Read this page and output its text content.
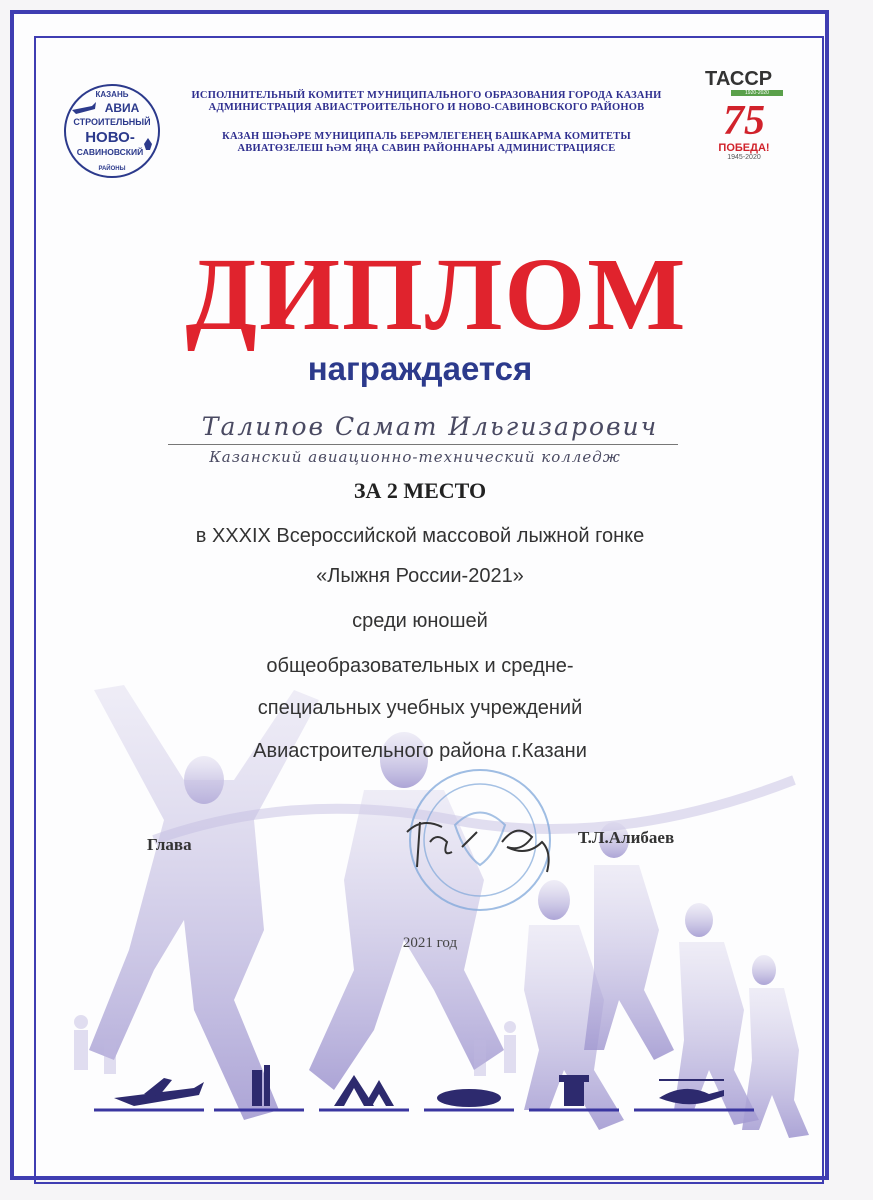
ИСПОЛНИТЕЛЬНЫЙ КОМИТЕТ МУНИЦИПАЛЬНОГО ОБРАЗОВАНИЯ ГОРОДА КАЗАНИ
АДМИНИСТРАЦИЯ АВИАСТРОИТЕЛЬНОГО И НОВО-САВИНОВСКОГО РАЙОНОВ
КАЗАН ШӘҺӘРЕ МУНИЦИПАЛЬ БЕРӘМЛЕГЕНЕҢ БАШКАРМА КОМИТЕТЫ
АВИАТӨЗЕЛЕШ ҺӘМ ЯҢА САВИН РАЙОННАРЫ АДМИНИСТРАЦИЯСЕ
КАЗАНЬ
АВИА
СТРОИТЕЛЬНЫЙ
НОВО-
САВИНОВСКИЙ
РАЙОНЫ
ТАССР
1920-2020
75
ПОБЕДА!
1945-2020
ДИПЛОМ
награждается
Талипов Самат Ильгизарович
Казанский авиационно-технический колледж
ЗА 2 МЕСТО
в XXXIX Всероссийской массовой лыжной гонке
«Лыжня России-2021»
среди юношей
общеобразовательных и средне-
специальных учебных учреждений
Авиастроительного района г.Казани
Глава	Т.Л.Алибаев
2021 год
